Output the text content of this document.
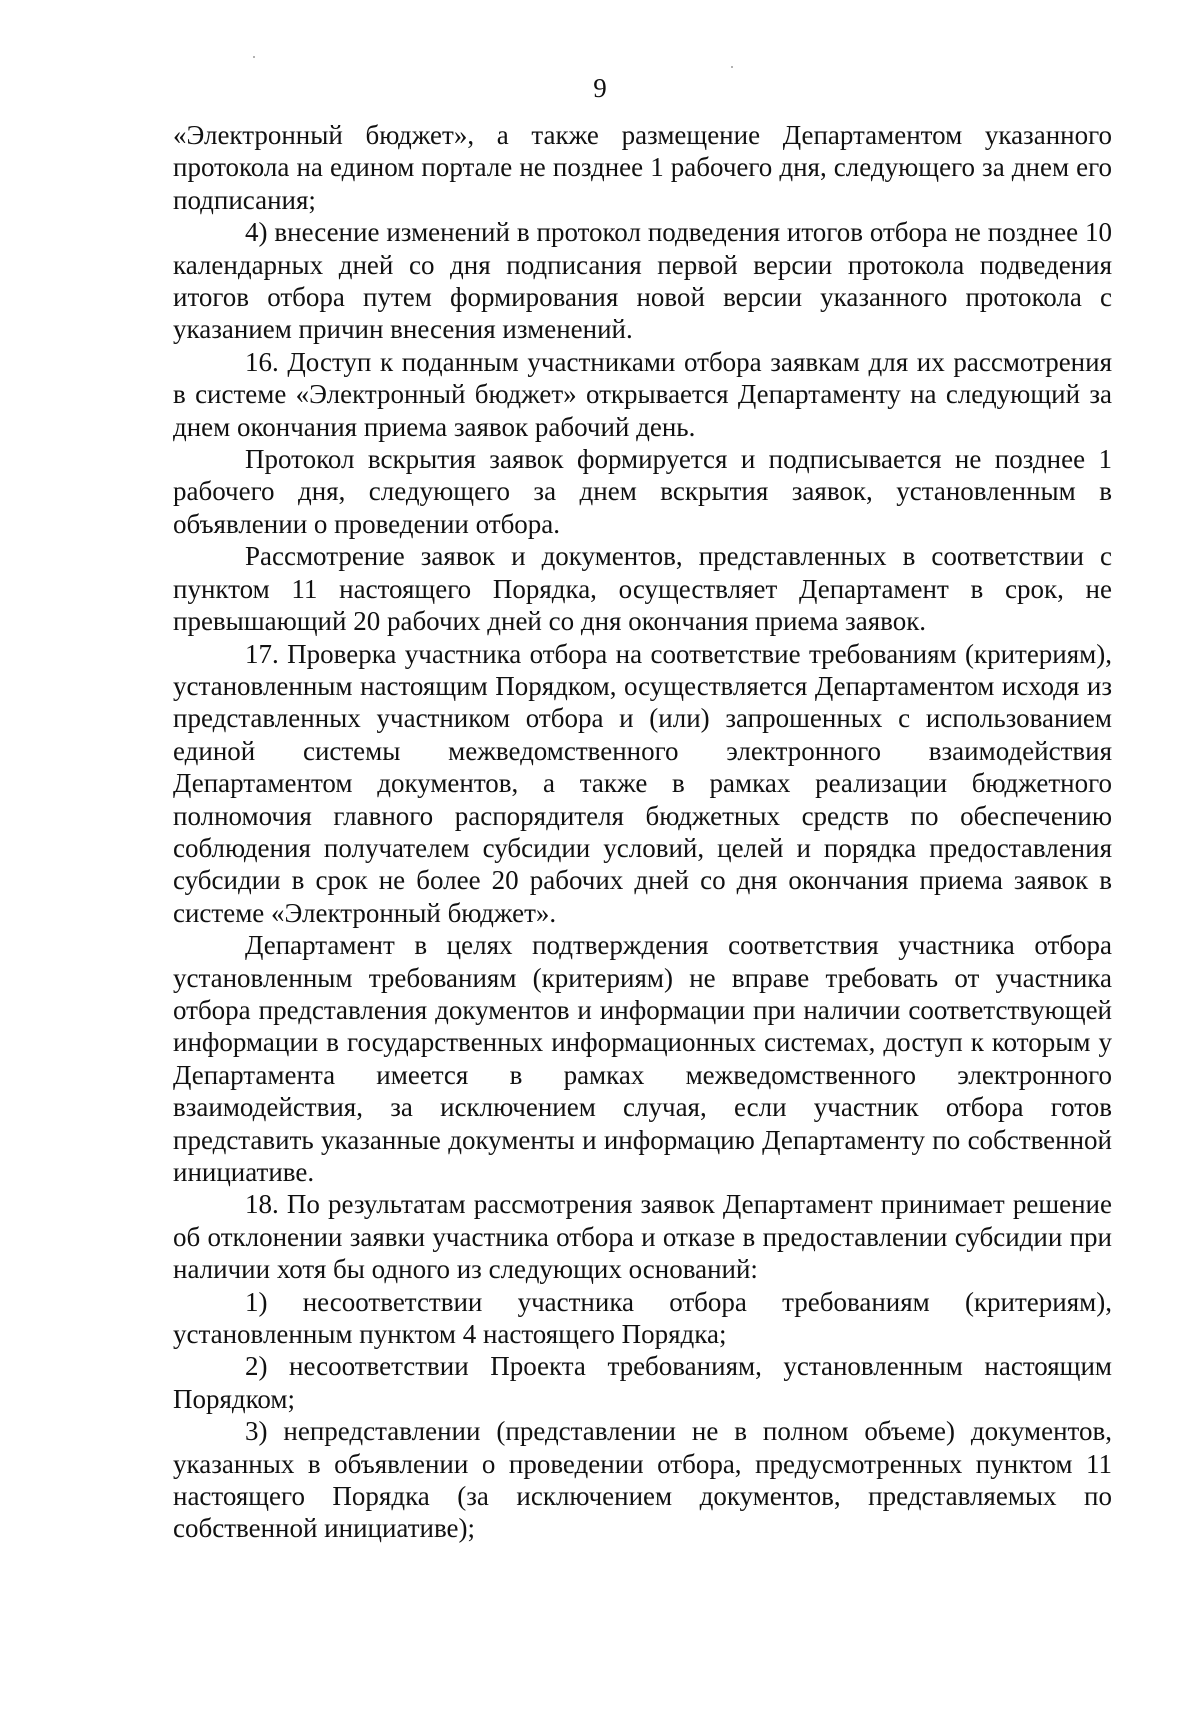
9

«Электронный бюджет», а также размещение Департаментом указанного протокола на едином портале не позднее 1 рабочего дня, следующего за днем его подписания;

4) внесение изменений в протокол подведения итогов отбора не позднее 10 календарных дней со дня подписания первой версии протокола подведения итогов отбора путем формирования новой версии указанного протокола с указанием причин внесения изменений.

16. Доступ к поданным участниками отбора заявкам для их рассмотрения в системе «Электронный бюджет» открывается Департаменту на следующий за днем окончания приема заявок рабочий день.

Протокол вскрытия заявок формируется и подписывается не позднее 1 рабочего дня, следующего за днем вскрытия заявок, установленным в объявлении о проведении отбора.

Рассмотрение заявок и документов, представленных в соответствии с пунктом 11 настоящего Порядка, осуществляет Департамент в срок, не превышающий 20 рабочих дней со дня окончания приема заявок.

17. Проверка участника отбора на соответствие требованиям (критериям), установленным настоящим Порядком, осуществляется Департаментом исходя из представленных участником отбора и (или) запрошенных с использованием единой системы межведомственного электронного взаимодействия Департаментом документов, а также в рамках реализации бюджетного полномочия главного распорядителя бюджетных средств по обеспечению соблюдения получателем субсидии условий, целей и порядка предоставления субсидии в срок не более 20 рабочих дней со дня окончания приема заявок в системе «Электронный бюджет».

Департамент в целях подтверждения соответствия участника отбора установленным требованиям (критериям) не вправе требовать от участника отбора представления документов и информации при наличии соответствующей информации в государственных информационных системах, доступ к которым у Департамента имеется в рамках межведомственного электронного взаимодействия, за исключением случая, если участник отбора готов представить указанные документы и информацию Департаменту по собственной инициативе.

18. По результатам рассмотрения заявок Департамент принимает решение об отклонении заявки участника отбора и отказе в предоставлении субсидии при наличии хотя бы одного из следующих оснований:

1) несоответствии участника отбора требованиям (критериям), установленным пунктом 4 настоящего Порядка;

2) несоответствии Проекта требованиям, установленным настоящим Порядком;

3) непредставлении (представлении не в полном объеме) документов, указанных в объявлении о проведении отбора, предусмотренных пунктом 11 настоящего Порядка (за исключением документов, представляемых по собственной инициативе);
